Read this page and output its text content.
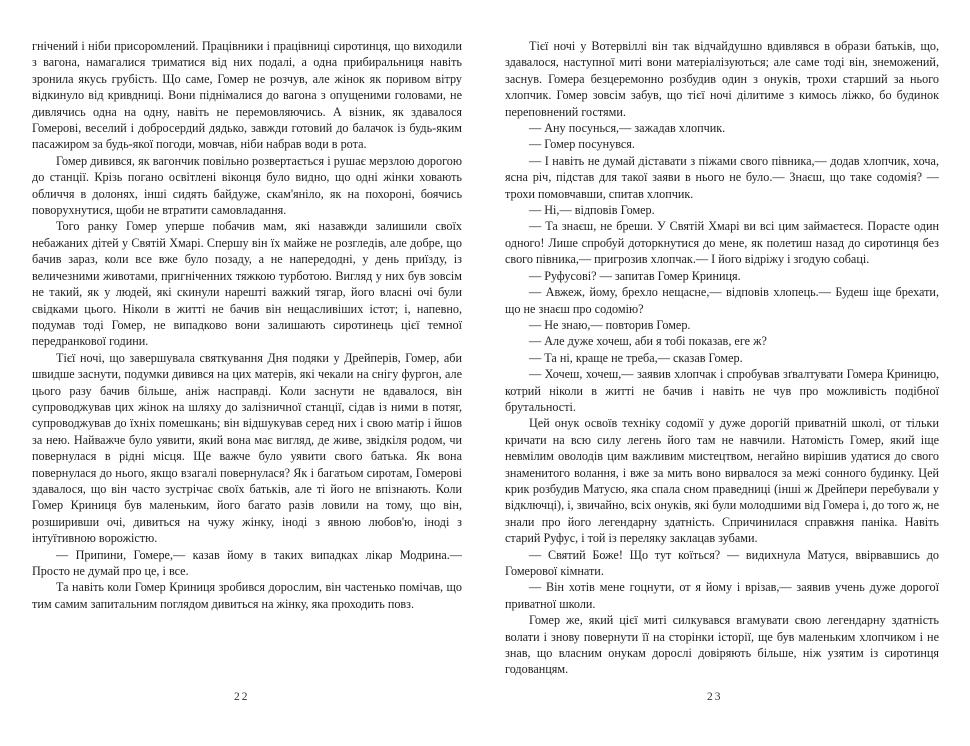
гнічений і ніби присоромлений. Працівники і працівниці сиротинця, що виходили з вагона, намагалися триматися від них подалі, а одна прибиральниця навіть зронила якусь грубість. Що саме, Гомер не розчув, але жінок як поривом вітру відкинуло від кривдниці. Вони піднімалися до вагона з опущеними головами, не дивлячись одна на одну, навіть не перемовляючись. А візник, як здавалося Гомерові, веселий і добросердий дядько, завжди готовий до балачок із будь-яким пасажиром за будь-якої погоди, мовчав, ніби набрав води в рота.

Гомер дивився, як вагончик повільно розвертається і рушає мерзлою дорогою до станції. Крізь погано освітлені віконця було видно, що одні жінки ховають обличчя в долонях, інші сидять байдуже, скам'яніло, як на похороні, боячись поворухнутися, щоби не втратити самовладання.

Того ранку Гомер уперше побачив мам, які назавжди залишили своїх небажаних дітей у Святій Хмарі. Спершу він їх майже не розгледів, але добре, що бачив зараз, коли все вже було позаду, а не напередодні, у день приїзду, із величезними животами, пригніченних тяжкою турботою. Вигляд у них був зовсім не такий, як у людей, які скинули нарешті важкий тягар, його власні очі були свідками цього. Ніколи в житті не бачив він нещасливіших істот; і, напевно, подумав тоді Гомер, не випадково вони залишають сиротинець цієї темної передранкової години.

Тієї ночі, що завершувала святкування Дня подяки у Дрейперів, Гомер, аби швидше заснути, подумки дивився на цих матерів, які чекали на снігу фургон, але цього разу бачив більше, аніж насправді. Коли заснути не вдавалося, він супроводжував цих жінок на шляху до залізничної станції, сідав із ними в потяг, супроводжував до їхніх помешкань; він відшукував серед них і свою матір і йшов за нею. Найважче було уявити, який вона має вигляд, де живе, звідкіля родом, чи повернулася в рідні місця. Ще важче було уявити свого батька. Як вона повернулася до нього, якщо взагалі повернулася? Як і багатьом сиротам, Гомерові здавалося, що він часто зустрічає своїх батьків, але ті його не впізнають. Коли Гомер Криниця був маленьким, його багато разів ловили на тому, що він, розширивши очі, дивиться на чужу жінку, іноді з явною любов'ю, іноді з інтуїтивною ворожістю.

— Припини, Гомере,— казав йому в таких випадках лікар Модрина.— Просто не думай про це, і все.

Та навіть коли Гомер Криниця зробився дорослим, він частенько помічав, що тим самим запитальним поглядом дивиться на жінку, яка проходить повз.

22

Тієї ночі у Вотервіллі він так відчайдушно вдивлявся в образи батьків, що, здавалося, наступної миті вони матеріалізуються; але саме тоді він, знеможений, заснув. Гомера безцеремонно розбудив один з онуків, трохи старший за нього хлопчик. Гомер зовсім забув, що тієї ночі ділитиме з кимось ліжко, бо будинок переповнений гостями.

— Ану посунься,— зажадав хлопчик.

— Гомер посунувся.

— І навіть не думай діставати з піжами свого півника,— додав хлопчик, хоча, ясна річ, підстав для такої заяви в нього не було.— Знаєш, що таке содомія? — трохи помовчавши, спитав хлопчик.

— Ні,— відповів Гомер.

— Та знаєш, не бреши. У Святій Хмарі ви всі цим займаєтеся. Порасте один одного! Лише спробуй доторкнутися до мене, як полетиш назад до сиротинця без свого півника,— пригрозив хлопчак.— І його відріжу і згодую собаці.

— Руфусові? — запитав Гомер Криниця.

— Авжеж, йому, брехло нещасне,— відповів хлопець.— Будеш іще брехати, що не знаєш про содомію?

— Не знаю,— повторив Гомер.

— Але дуже хочеш, аби я тобі показав, еге ж?

— Та ні, краще не треба,— сказав Гомер.

— Хочеш, хочеш,— заявив хлопчак і спробував зґвалтувати Гомера Криницю, котрий ніколи в житті не бачив і навіть не чув про можливість подібної брутальності.

Цей онук освоїв техніку содомії у дуже дорогій приватній школі, от тільки кричати на всю силу легень його там не навчили. Натомість Гомер, який іще невмілим оволодів цим важливим мистецтвом, негайно вирішив удатися до свого знаменитого волання, і вже за мить воно вирвалося за межі сонного будинку. Цей крик розбудив Матусю, яка спала сном праведниці (інші ж Дрейпери перебували у відключці), і, звичайно, всіх онуків, які були молодшими від Гомера і, до того ж, не знали про його легендарну здатність. Спричинилася справжня паніка. Навіть старий Руфус, і той із переляку заклацав зубами.

— Святий Боже! Що тут коїться? — видихнула Матуся, ввірвавшись до Гомерової кімнати.

— Він хотів мене гоцнути, от я йому і врізав,— заявив учень дуже дорогої приватної школи.

Гомер же, який цієї миті силкувався вгамувати свою легендарну здатність волати і знову повернути її на сторінки історії, ще був маленьким хлопчиком і не знав, що власним онукам дорослі довіряють більше, ніж узятим із сиротинця годованцям.

23
